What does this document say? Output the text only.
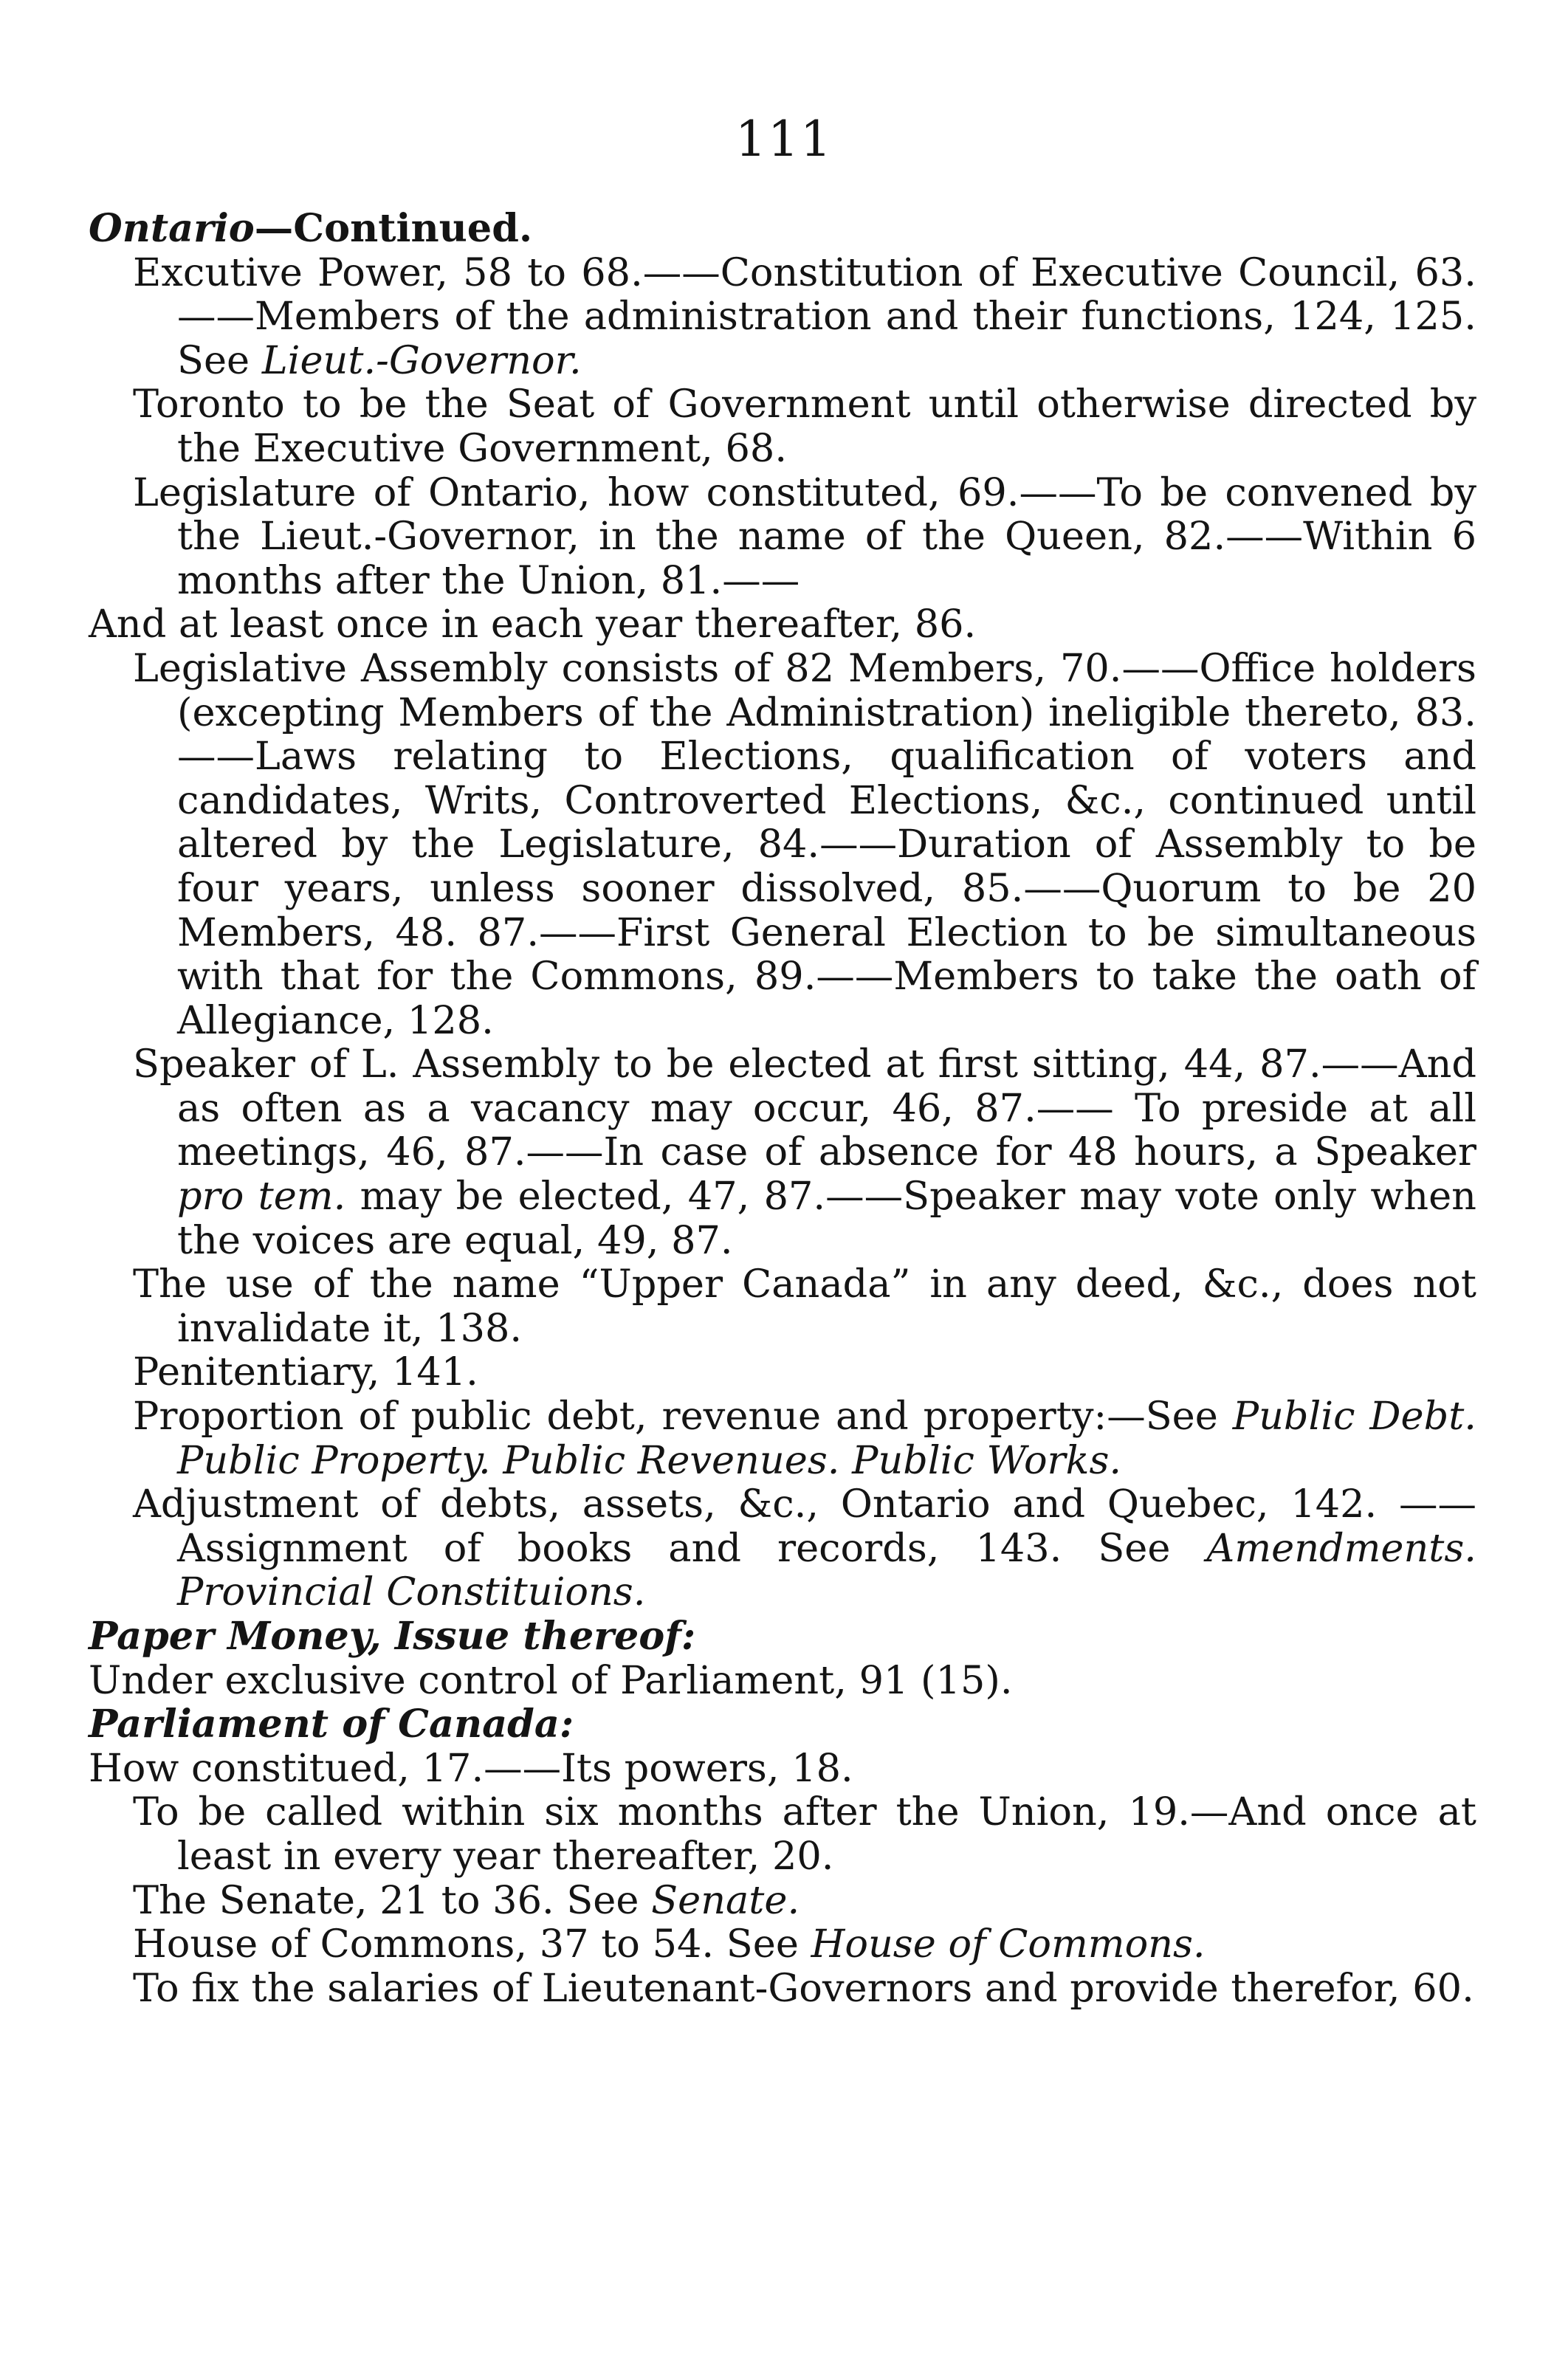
111
Ontario—Continued.

Excutive Power, 58 to 68.——Constitution of Executive Council, 63.——Members of the administration and their functions, 124, 125. See Lieut.-Governor.

Toronto to be the Seat of Government until otherwise directed by the Executive Government, 68.

Legislature of Ontario, how constituted, 69.——To be convened by the Lieut.-Governor, in the name of the Queen, 82.——Within 6 months after the Union, 81.——

And at least once in each year thereafter, 86.

Legislative Assembly consists of 82 Members, 70.——Office holders (excepting Members of the Administration) ineligible thereto, 83.——Laws relating to Elections, qualification of voters and candidates, Writs, Controverted Elections, &c., continued until altered by the Legislature, 84.——Duration of Assembly to be four years, unless sooner dissolved, 85.——Quorum to be 20 Members, 48. 87.——First General Election to be simultaneous with that for the Commons, 89.——Members to take the oath of Allegiance, 128.

Speaker of L. Assembly to be elected at first sitting, 44, 87.——And as often as a vacancy may occur, 46, 87.—— To preside at all meetings, 46, 87.——In case of absence for 48 hours, a Speaker pro tem. may be elected, 47, 87.——Speaker may vote only when the voices are equal, 49, 87.

The use of the name “Upper Canada” in any deed, &c., does not invalidate it, 138.

Penitentiary, 141.

Proportion of public debt, revenue and property:—See Public Debt. Public Property. Public Revenues. Public Works.

Adjustment of debts, assets, &c., Ontario and Quebec, 142. ——Assignment of books and records, 143. See Amendments. Provincial Constituions.

Paper Money, Issue thereof:

Under exclusive control of Parliament, 91 (15).

Parliament of Canada:

How constitued, 17.——Its powers, 18.

To be called within six months after the Union, 19.—And once at least in every year thereafter, 20.

The Senate, 21 to 36. See Senate.

House of Commons, 37 to 54. See House of Commons.

To fix the salaries of Lieutenant-Governors and provide therefor, 60.
